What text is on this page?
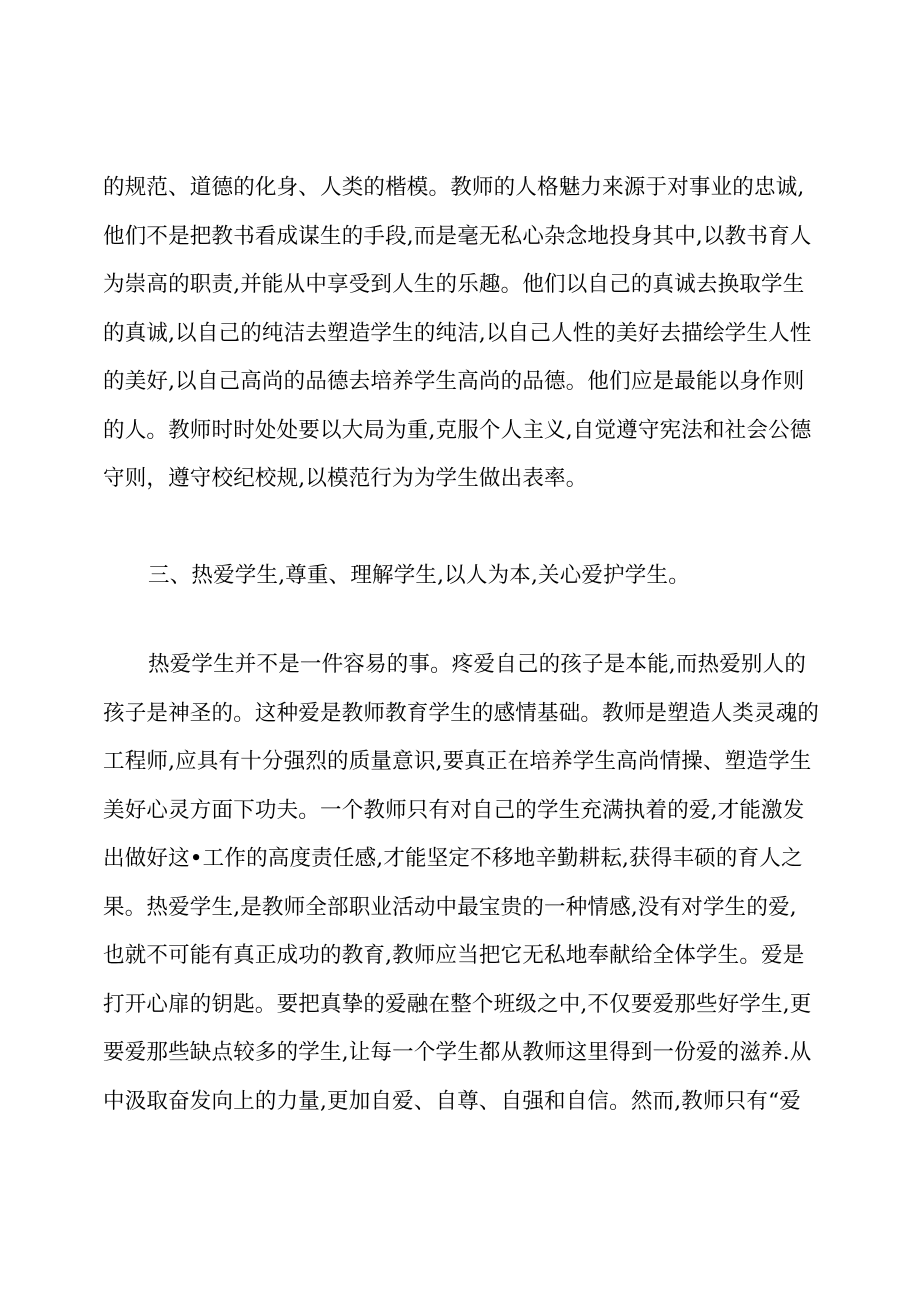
的规范、道德的化身、人类的楷模。教师的人格魅力来源于对事业的忠诚,
他们不是把教书看成谋生的手段,而是毫无私心杂念地投身其中,以教书育人
为崇高的职责,并能从中享受到人生的乐趣。他们以自己的真诚去换取学生
的真诚,以自己的纯洁去塑造学生的纯洁,以自己人性的美好去描绘学生人性
的美好,以自己高尚的品德去培养学生高尚的品德。他们应是最能以身作则
的人。教师时时处处要以大局为重,克服个人主义,自觉遵守宪法和社会公德
守则，遵守校纪校规,以模范行为为学生做出表率。
三、热爱学生,尊重、理解学生,以人为本,关心爱护学生。
热爱学生并不是一件容易的事。疼爱自己的孩子是本能,而热爱别人的
孩子是神圣的。这种爱是教师教育学生的感情基础。教师是塑造人类灵魂的
工程师,应具有十分强烈的质量意识,要真正在培养学生高尚情操、塑造学生
美好心灵方面下功夫。一个教师只有对自己的学生充满执着的爱,才能激发
出做好这•工作的高度责任感,才能坚定不移地辛勤耕耘,获得丰硕的育人之
果。热爱学生,是教师全部职业活动中最宝贵的一种情感,没有对学生的爱,
也就不可能有真正成功的教育,教师应当把它无私地奉献给全体学生。爱是
打开心扉的钥匙。要把真挚的爱融在整个班级之中,不仅要爱那些好学生,更
要爱那些缺点较多的学生,让每一个学生都从教师这里得到一份爱的滋养.从
中汲取奋发向上的力量,更加自爱、自尊、自强和自信。然而,教师只有“爱
